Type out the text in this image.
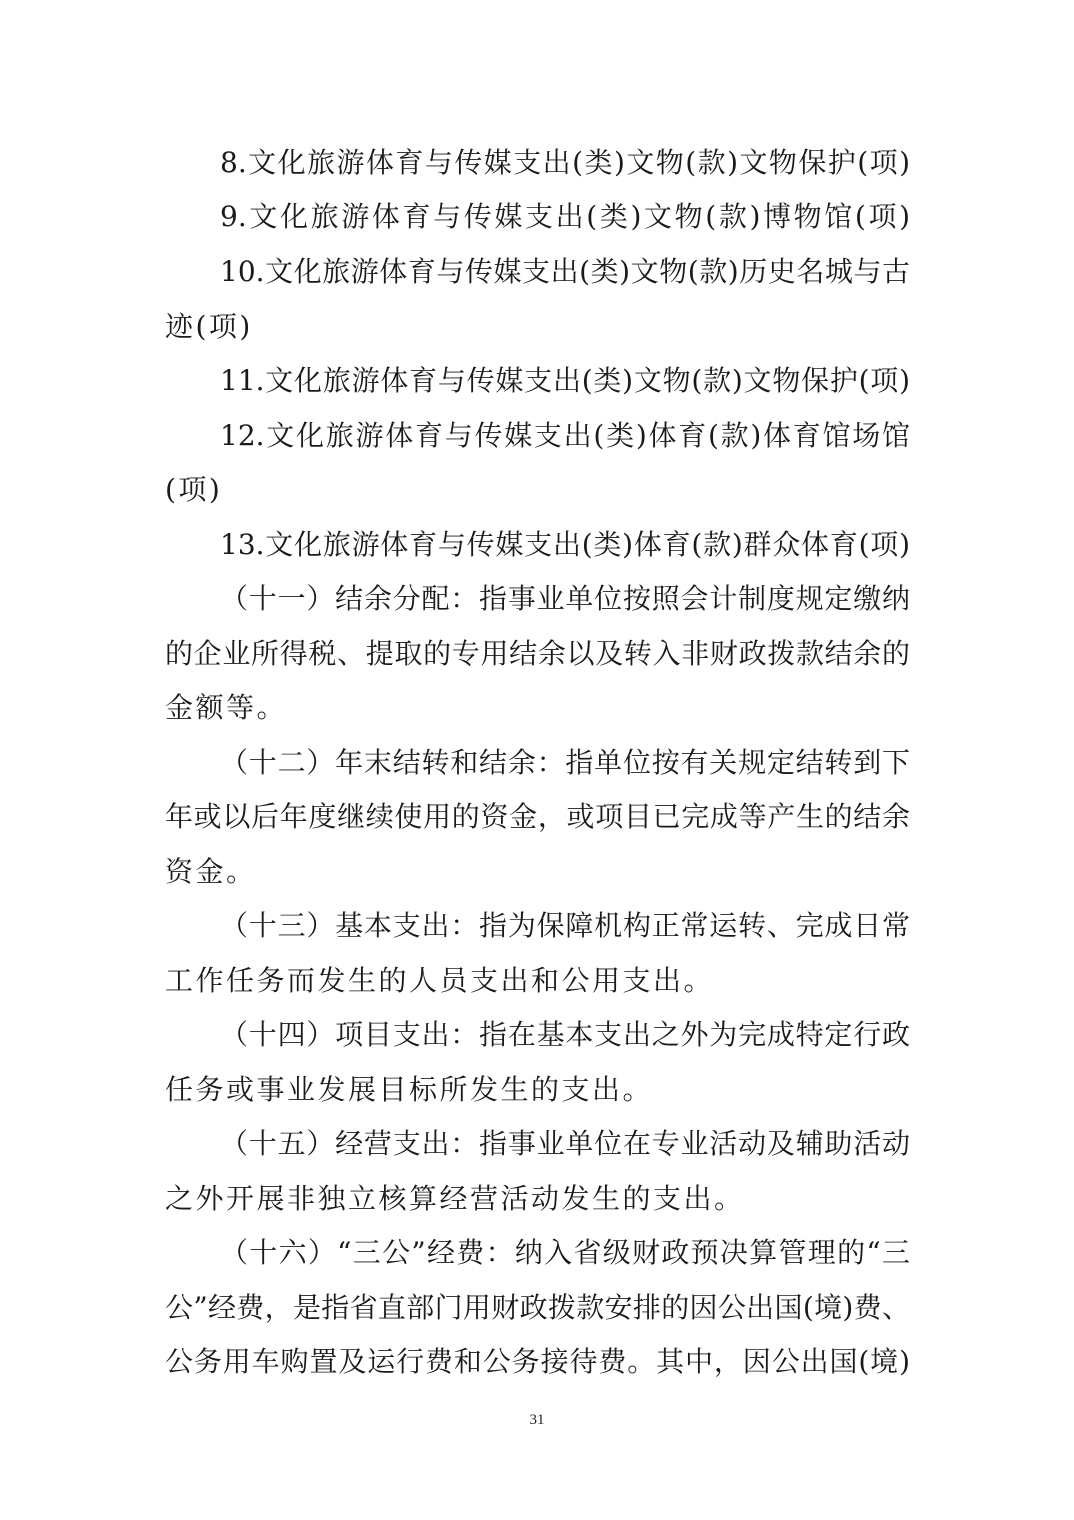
8.文化旅游体育与传媒支出(类)文物(款)文物保护(项)
9.文化旅游体育与传媒支出(类)文物(款)博物馆(项)
10.文化旅游体育与传媒支出(类)文物(款)历史名城与古
迹(项)
11.文化旅游体育与传媒支出(类)文物(款)文物保护(项)
12.文化旅游体育与传媒支出(类)体育(款)体育馆场馆
(项)
13.文化旅游体育与传媒支出(类)体育(款)群众体育(项)
（十一）结余分配：指事业单位按照会计制度规定缴纳
的企业所得税、提取的专用结余以及转入非财政拨款结余的
金额等。
（十二）年末结转和结余：指单位按有关规定结转到下
年或以后年度继续使用的资金，或项目已完成等产生的结余
资金。
（十三）基本支出：指为保障机构正常运转、完成日常
工作任务而发生的人员支出和公用支出。
（十四）项目支出：指在基本支出之外为完成特定行政
任务或事业发展目标所发生的支出。
（十五）经营支出：指事业单位在专业活动及辅助活动
之外开展非独立核算经营活动发生的支出。
（十六）“三公”经费：纳入省级财政预决算管理的“三
公”经费，是指省直部门用财政拨款安排的因公出国(境)费、
公务用车购置及运行费和公务接待费。其中，因公出国(境)
31
